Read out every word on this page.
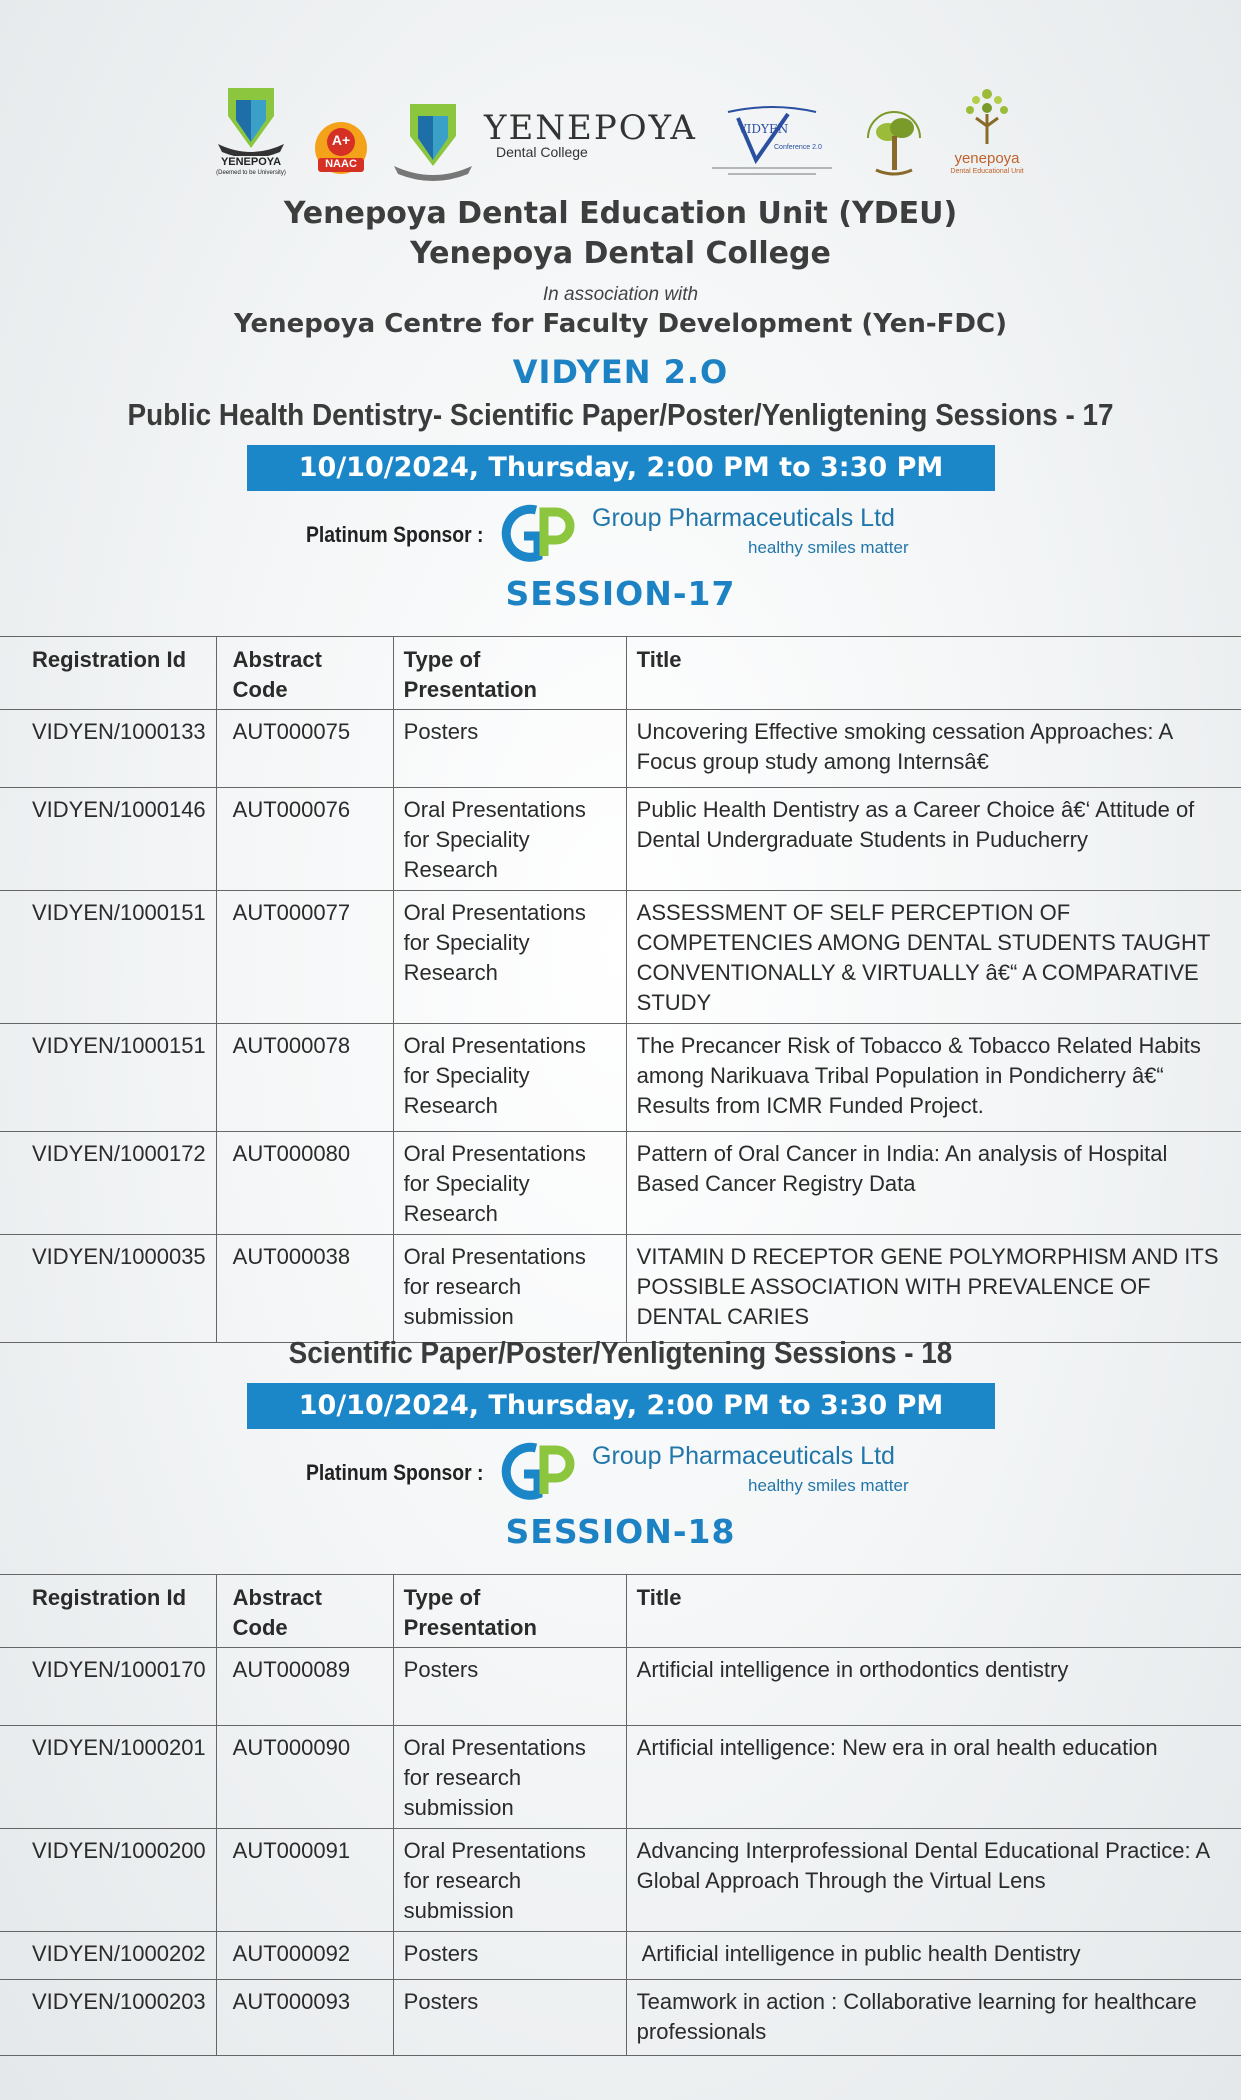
YENEPOYA
(Deemed to be University)
A+
NAAC
YENEPOYA
Dental College
VIDYEN
Conference 2.0
yenepoya
Dental Educational Unit
Yenepoya Dental Education Unit (YDEU)
Yenepoya Dental College
In association with
Yenepoya Centre for Faculty Development (Yen-FDC)
VIDYEN 2.O
Public Health Dentistry- Scientific Paper/Poster/Yenligtening Sessions - 17
10/10/2024, Thursday, 2:00 PM to 3:30 PM
Platinum Sponsor :
Group Pharmaceuticals Ltd
healthy smiles matter
SESSION-17
Registration Id	Abstract Code	Type of Presentation	Title
VIDYEN/1000133	AUT000075	Posters	Uncovering Effective smoking cessation Approaches: A Focus group study among Internsâ€
VIDYEN/1000146	AUT000076	Oral Presentations for Speciality Research	Public Health Dentistry as a Career Choice â€‘ Attitude of Dental Undergraduate Students in Puducherry
VIDYEN/1000151	AUT000077	Oral Presentations for Speciality Research	ASSESSMENT OF SELF PERCEPTION OF COMPETENCIES AMONG DENTAL STUDENTS TAUGHT CONVENTIONALLY & VIRTUALLY â€“ A COMPARATIVE STUDY
VIDYEN/1000151	AUT000078	Oral Presentations for Speciality Research	The Precancer Risk of Tobacco & Tobacco Related Habits among Narikuava Tribal Population in Pondicherry â€“ Results from ICMR Funded Project.
VIDYEN/1000172	AUT000080	Oral Presentations for Speciality Research	Pattern of Oral Cancer in India: An analysis of Hospital Based Cancer Registry Data
VIDYEN/1000035	AUT000038	Oral Presentations for research submission	VITAMIN D RECEPTOR GENE POLYMORPHISM AND ITS POSSIBLE ASSOCIATION WITH PREVALENCE OF DENTAL CARIES
Scientific Paper/Poster/Yenligtening Sessions - 18
10/10/2024, Thursday, 2:00 PM to 3:30 PM
Platinum Sponsor :
Group Pharmaceuticals Ltd
healthy smiles matter
SESSION-18
Registration Id	Abstract Code	Type of Presentation	Title
VIDYEN/1000170	AUT000089	Posters	Artificial intelligence in orthodontics dentistry
VIDYEN/1000201	AUT000090	Oral Presentations for research submission	Artificial intelligence: New era in oral health education
VIDYEN/1000200	AUT000091	Oral Presentations for research submission	Advancing Interprofessional Dental Educational Practice: A Global Approach Through the Virtual Lens
VIDYEN/1000202	AUT000092	Posters	Artificial intelligence in public health Dentistry
VIDYEN/1000203	AUT000093	Posters	Teamwork in action : Collaborative learning for healthcare professionals
